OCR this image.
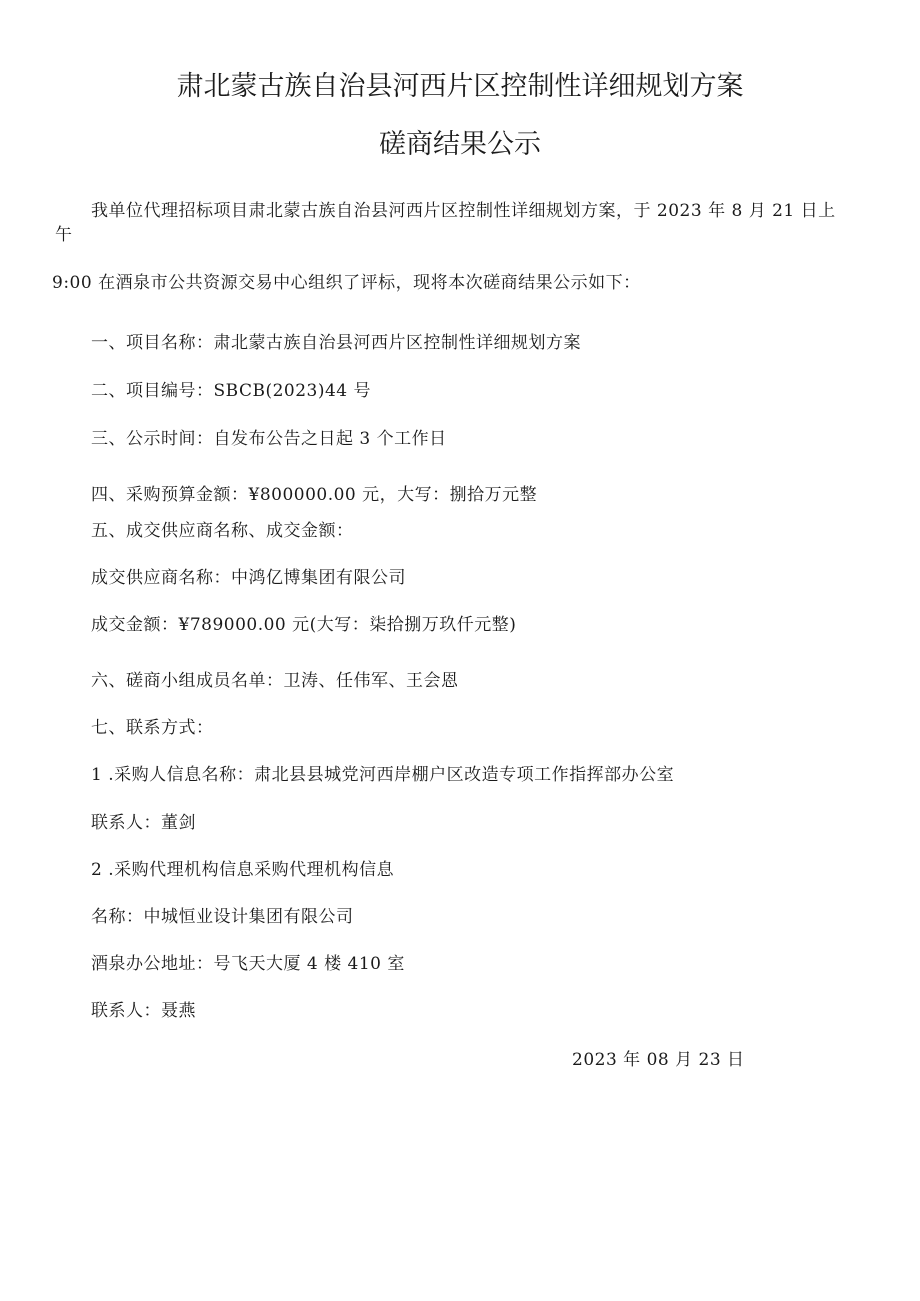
肃北蒙古族自治县河西片区控制性详细规划方案
磋商结果公示
我单位代理招标项目肃北蒙古族自治县河西片区控制性详细规划方案，于 2023 年 8 月 21 日上
午
9:00 在酒泉市公共资源交易中心组织了评标，现将本次磋商结果公示如下：
一、项目名称：肃北蒙古族自治县河西片区控制性详细规划方案
二、项目编号：SBCB(2023)44 号
三、公示时间：自发布公告之日起 3 个工作日
四、采购预算金额：¥800000.00 元，大写：捌拾万元整
五、成交供应商名称、成交金额：
成交供应商名称：中鸿亿博集团有限公司
成交金额：¥789000.00 元(大写：柒拾捌万玖仟元整)
六、磋商小组成员名单：卫涛、任伟军、王会恩
七、联系方式：
1 .采购人信息名称：肃北县县城党河西岸棚户区改造专项工作指挥部办公室
联系人：董剑
2 .采购代理机构信息采购代理机构信息
名称：中城恒业设计集团有限公司
酒泉办公地址：号飞天大厦 4 楼 410 室
联系人：聂燕
2023 年 08 月 23 日
